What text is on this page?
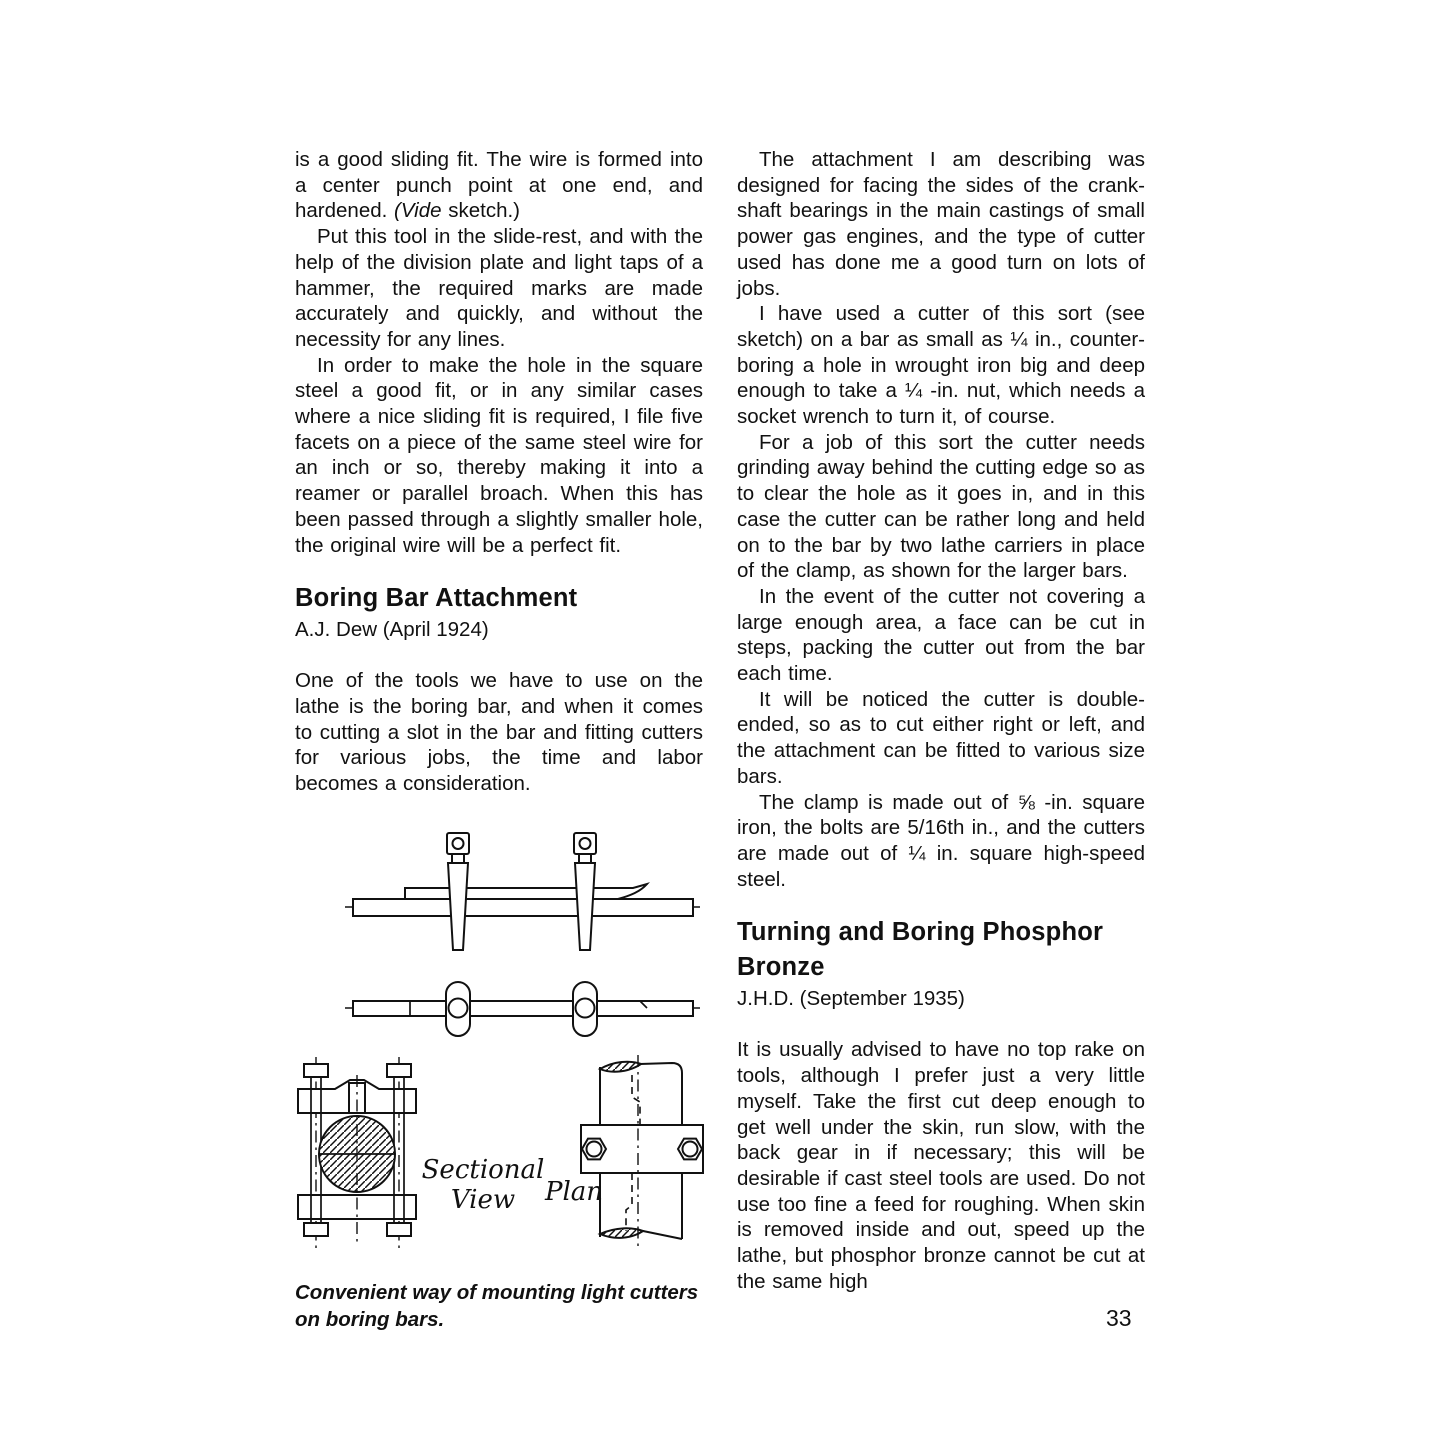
is a good sliding fit. The wire is formed into a center punch point at one end, and hardened. (Vide sketch.)

Put this tool in the slide-rest, and with the help of the division plate and light taps of a hammer, the required marks are made accurately and quickly, and without the necessity for any lines.

In order to make the hole in the square steel a good fit, or in any similar cases where a nice sliding fit is required, I file five facets on a piece of the same steel wire for an inch or so, thereby making it into a reamer or parallel broach. When this has been passed through a slightly smaller hole, the original wire will be a perfect fit.

Boring Bar Attachment

A.J. Dew (April 1924)

One of the tools we have to use on the lathe is the boring bar, and when it comes to cutting a slot in the bar and fitting cutters for various jobs, the time and labor becomes a consideration.

Sectional
View	Plan

Convenient way of mounting light cutters on boring bars.

The attachment I am describing was designed for facing the sides of the crank-shaft bearings in the main castings of small power gas engines, and the type of cutter used has done me a good turn on lots of jobs.

I have used a cutter of this sort (see sketch) on a bar as small as ¼ in., counter-boring a hole in wrought iron big and deep enough to take a ¼ -in. nut, which needs a socket wrench to turn it, of course.

For a job of this sort the cutter needs grinding away behind the cutting edge so as to clear the hole as it goes in, and in this case the cutter can be rather long and held on to the bar by two lathe carriers in place of the clamp, as shown for the larger bars.

In the event of the cutter not covering a large enough area, a face can be cut in steps, packing the cutter out from the bar each time.

It will be noticed the cutter is double-ended, so as to cut either right or left, and the attachment can be fitted to various size bars.

The clamp is made out of ⅝ -in. square iron, the bolts are 5/16th in., and the cutters are made out of ¼ in. square high-speed steel.

Turning and Boring Phosphor Bronze

J.H.D. (September 1935)

It is usually advised to have no top rake on tools, although I prefer just a very little myself. Take the first cut deep enough to get well under the skin, run slow, with the back gear in if necessary; this will be desirable if cast steel tools are used. Do not use too fine a feed for roughing. When skin is removed inside and out, speed up the lathe, but phosphor bronze cannot be cut at the same high

33
